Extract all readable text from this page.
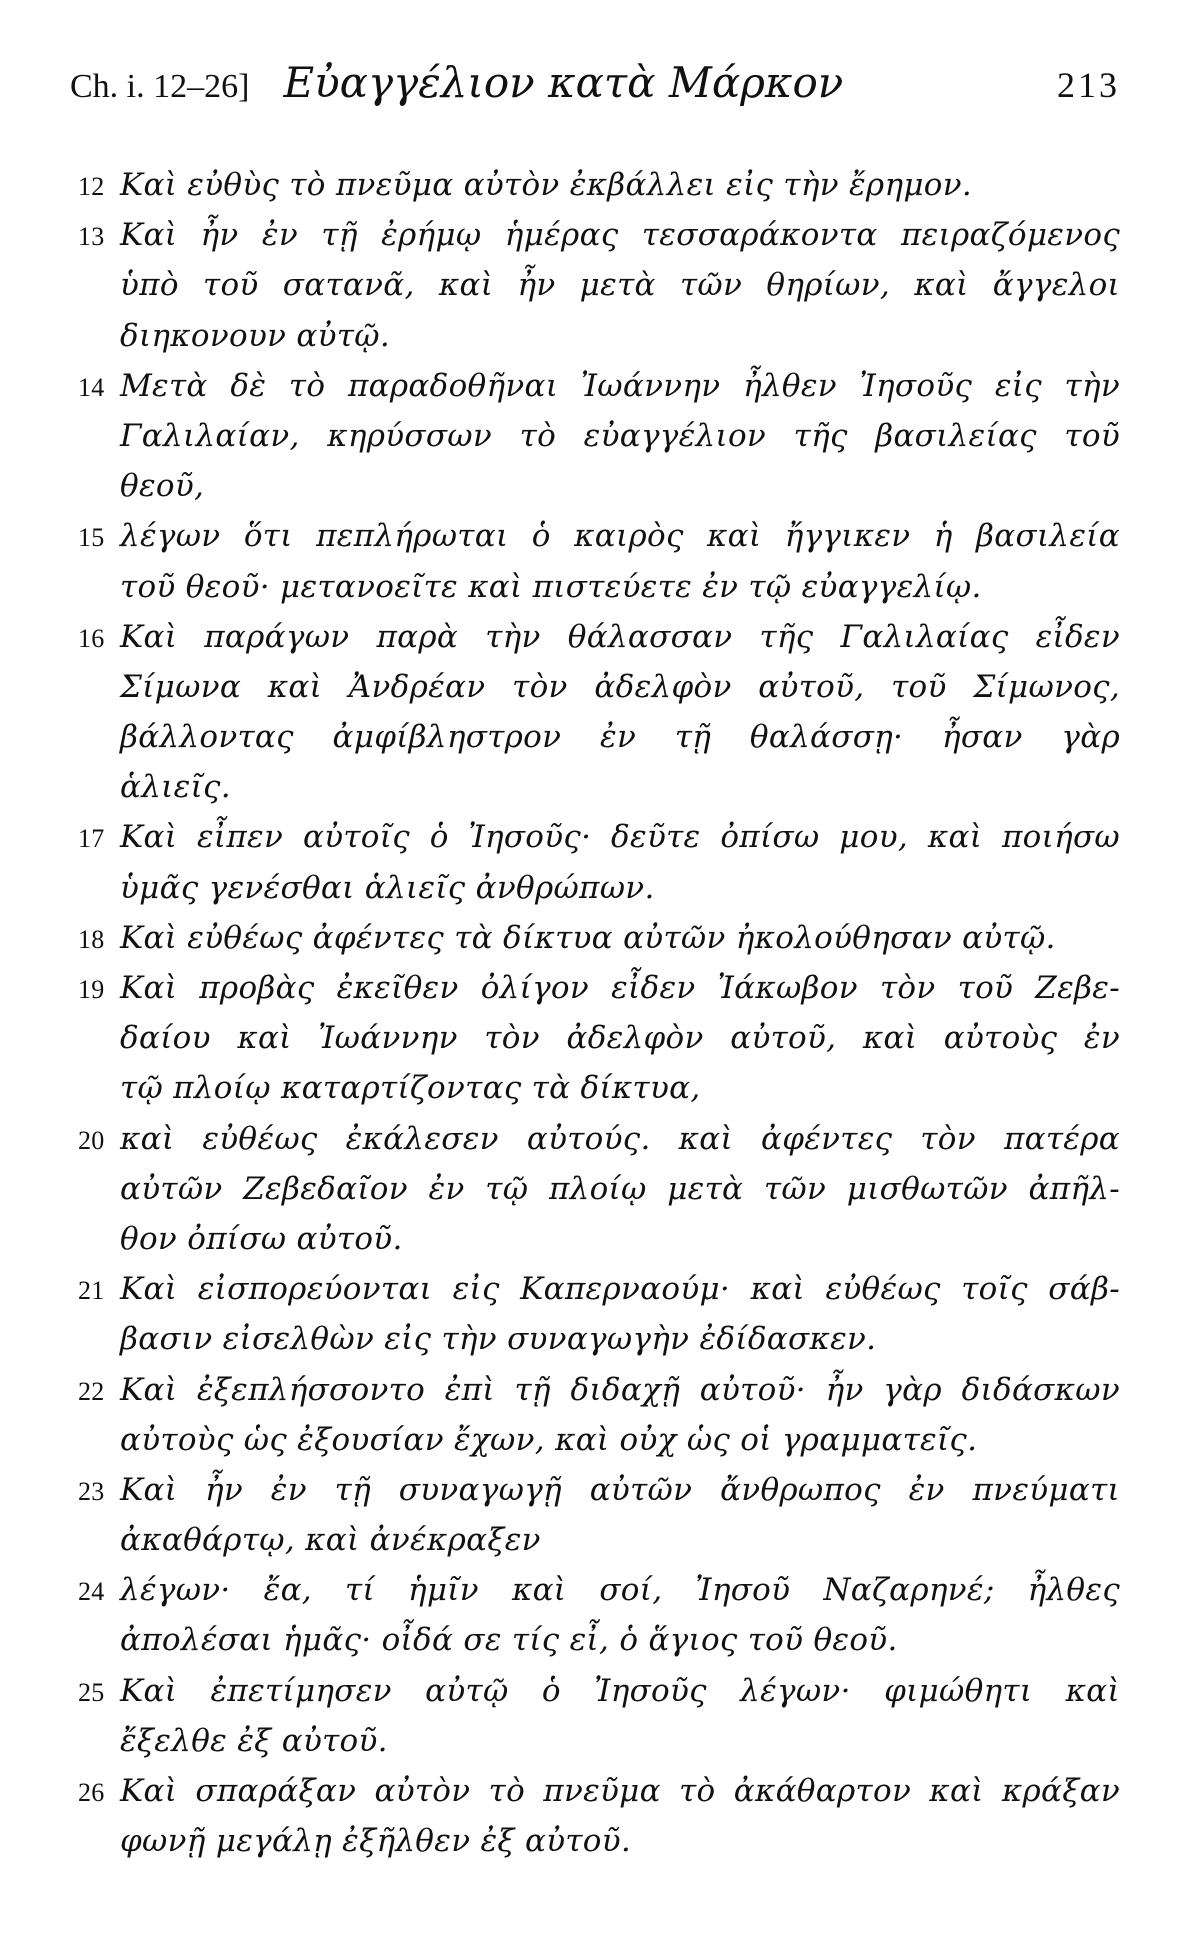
Ch. i. 12–26] Εὐαγγέλιον κατὰ Μάρκον	213
12 Καὶ εὐθὺς τὸ πνεῦμα αὐτὸν ἐκβάλλει εἰς τὴν ἔρημον.
13 Καὶ ἦν ἐν τῇ ἐρήμῳ ἡμέρας τεσσαράκοντα πειραζόμενος
ὑπὸ τοῦ σατανᾶ, καὶ ἦν μετὰ τῶν θηρίων, καὶ ἄγγελοι
διηκονουν αὐτῷ.
14 Μετὰ δὲ τὸ παραδοθῆναι Ἰωάννην ἦλθεν Ἰησοῦς εἰς τὴν
Γαλιλαίαν, κηρύσσων τὸ εὐαγγέλιον τῆς βασιλείας τοῦ
θεοῦ,
15 λέγων ὅτι πεπλήρωται ὁ καιρὸς καὶ ἤγγικεν ἡ βασιλεία
τοῦ θεοῦ· μετανοεῖτε καὶ πιστεύετε ἐν τῷ εὐαγγελίῳ.
16 Καὶ παράγων παρὰ τὴν θάλασσαν τῆς Γαλιλαίας εἶδεν
Σίμωνα καὶ Ἀνδρέαν τὸν ἀδελφὸν αὐτοῦ, τοῦ Σίμωνος,
βάλλοντας ἀμφίβληστρον ἐν τῇ θαλάσσῃ· ἦσαν γὰρ
ἁλιεῖς.
17 Καὶ εἶπεν αὐτοῖς ὁ Ἰησοῦς· δεῦτε ὀπίσω μου, καὶ ποιήσω
ὑμᾶς γενέσθαι ἁλιεῖς ἀνθρώπων.
18 Καὶ εὐθέως ἀφέντες τὰ δίκτυα αὐτῶν ἠκολούθησαν αὐτῷ.
19 Καὶ προβὰς ἐκεῖθεν ὀλίγον εἶδεν Ἰάκωβον τὸν τοῦ Ζεβε-
δαίου καὶ Ἰωάννην τὸν ἀδελφὸν αὐτοῦ, καὶ αὐτοὺς ἐν
τῷ πλοίῳ καταρτίζοντας τὰ δίκτυα,
20 καὶ εὐθέως ἐκάλεσεν αὐτούς. καὶ ἀφέντες τὸν πατέρα
αὐτῶν Ζεβεδαῖον ἐν τῷ πλοίῳ μετὰ τῶν μισθωτῶν ἀπῆλ-
θον ὀπίσω αὐτοῦ.
21 Καὶ εἰσπορεύονται εἰς Καπερναούμ· καὶ εὐθέως τοῖς σάβ-
βασιν εἰσελθὼν εἰς τὴν συναγωγὴν ἐδίδασκεν.
22 Καὶ ἐξεπλήσσοντο ἐπὶ τῇ διδαχῇ αὐτοῦ· ἦν γὰρ διδάσκων
αὐτοὺς ὡς ἐξουσίαν ἔχων, καὶ οὐχ ὡς οἱ γραμματεῖς.
23 Καὶ ἦν ἐν τῇ συναγωγῇ αὐτῶν ἄνθρωπος ἐν πνεύματι
ἀκαθάρτῳ, καὶ ἀνέκραξεν
24 λέγων· ἔα, τί ἡμῖν καὶ σοί, Ἰησοῦ Ναζαρηνέ; ἦλθες
ἀπολέσαι ἡμᾶς· οἶδά σε τίς εἶ, ὁ ἅγιος τοῦ θεοῦ.
25 Καὶ ἐπετίμησεν αὐτῷ ὁ Ἰησοῦς λέγων· φιμώθητι καὶ
ἔξελθε ἐξ αὐτοῦ.
26 Καὶ σπαράξαν αὐτὸν τὸ πνεῦμα τὸ ἀκάθαρτον καὶ κράξαν
φωνῇ μεγάλῃ ἐξῆλθεν ἐξ αὐτοῦ.
